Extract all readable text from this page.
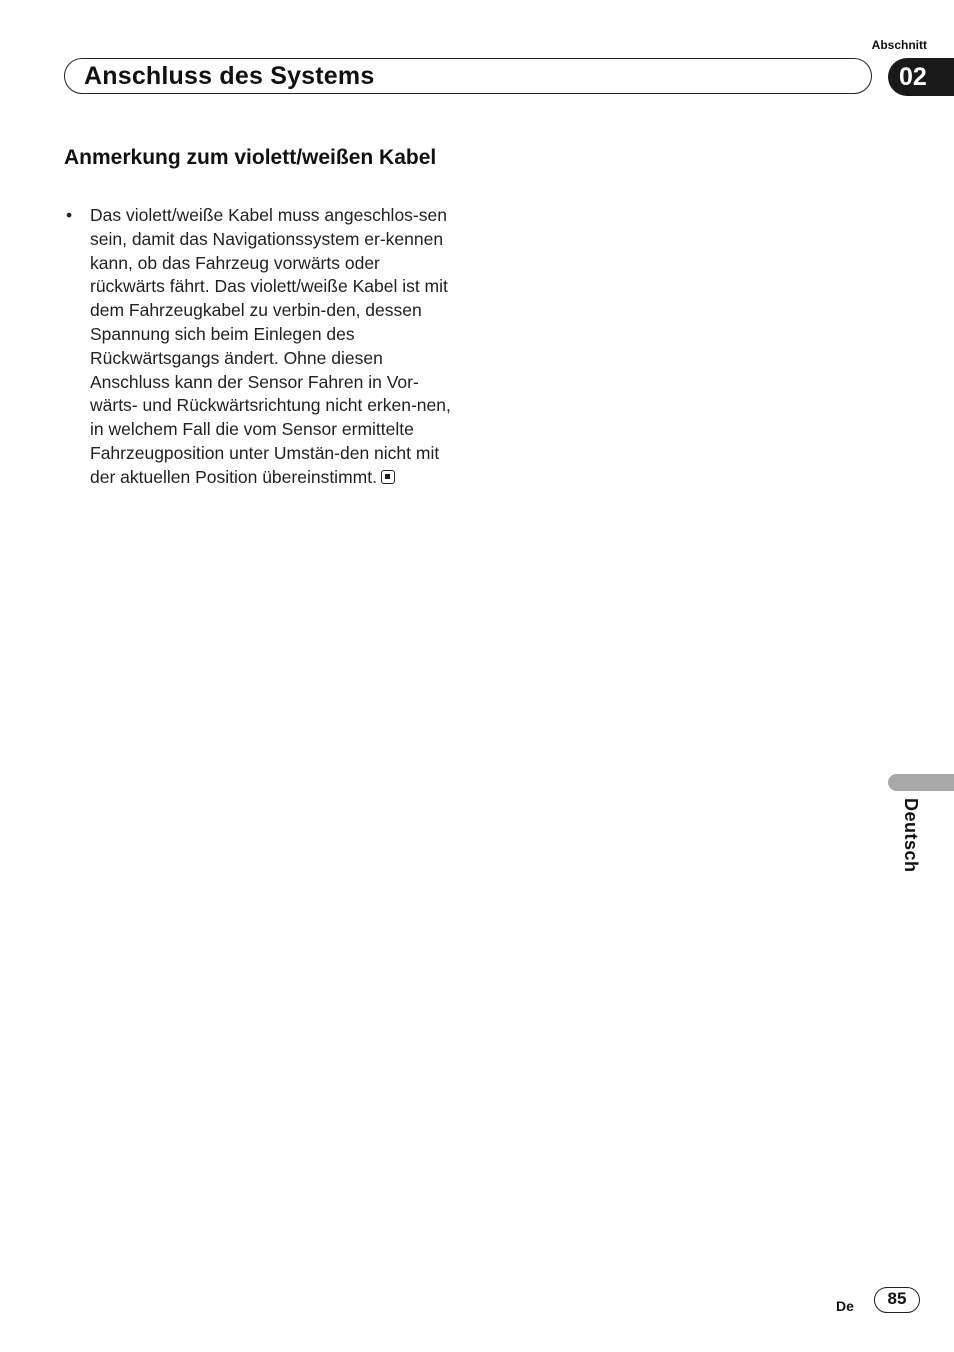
Abschnitt
Anschluss des Systems	02
Anmerkung zum violett/weißen Kabel
• Das violett/weiße Kabel muss angeschlos-sen sein, damit das Navigationssystem er-kennen kann, ob das Fahrzeug vorwärts oder rückwärts fährt. Das violett/weiße Kabel ist mit dem Fahrzeugkabel zu verbin-den, dessen Spannung sich beim Einlegen des Rückwärtsgangs ändert. Ohne diesen Anschluss kann der Sensor Fahren in Vor-wärts- und Rückwärtsrichtung nicht erken-nen, in welchem Fall die vom Sensor ermittelte Fahrzeugposition unter Umstän-den nicht mit der aktuellen Position übereinstimmt.
Deutsch
De	85
